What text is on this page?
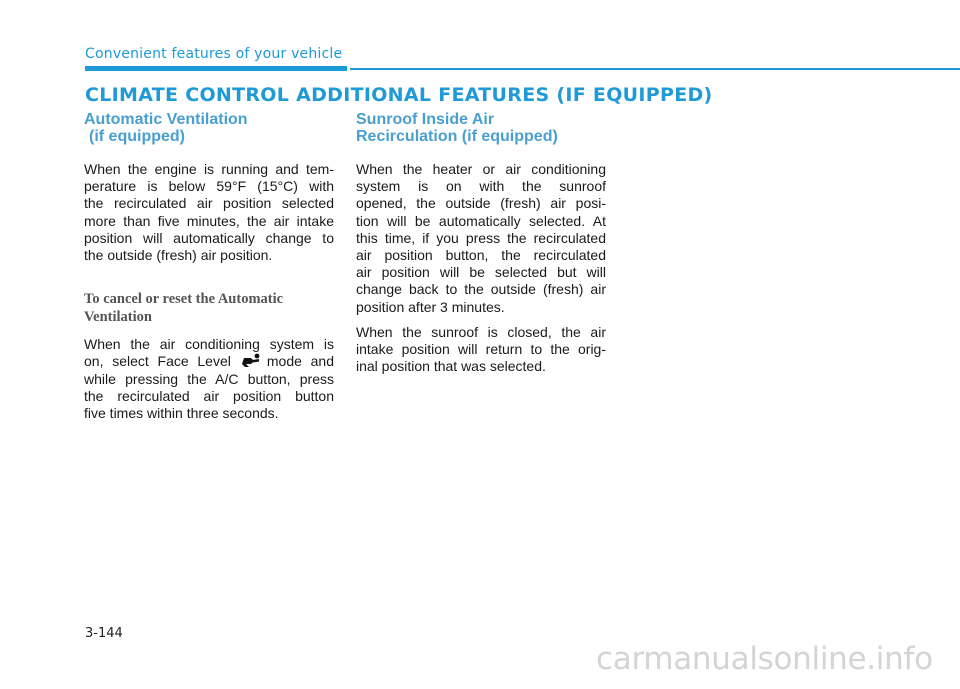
Convenient features of your vehicle
CLIMATE CONTROL ADDITIONAL FEATURES (IF EQUIPPED)
Automatic Ventilation
(if equipped)
When the engine is running and tem-
perature is below 59°F (15°C) with
the recirculated air position selected
more than five minutes, the air intake
position will automatically change to
the outside (fresh) air position.
To cancel or reset the Automatic
Ventilation
When the air conditioning system is
on, select Face Level	mode and
while pressing the A/C button, press
the recirculated air position button
five times within three seconds.
Sunroof Inside Air
Recirculation (if equipped)
When the heater or air conditioning
system is on with the sunroof
opened, the outside (fresh) air posi-
tion will be automatically selected. At
this time, if you press the recirculated
air position button, the recirculated
air position will be selected but will
change back to the outside (fresh) air
position after 3 minutes.
When the sunroof is closed, the air
intake position will return to the orig-
inal position that was selected.
3-144
carmanualsonline.info
